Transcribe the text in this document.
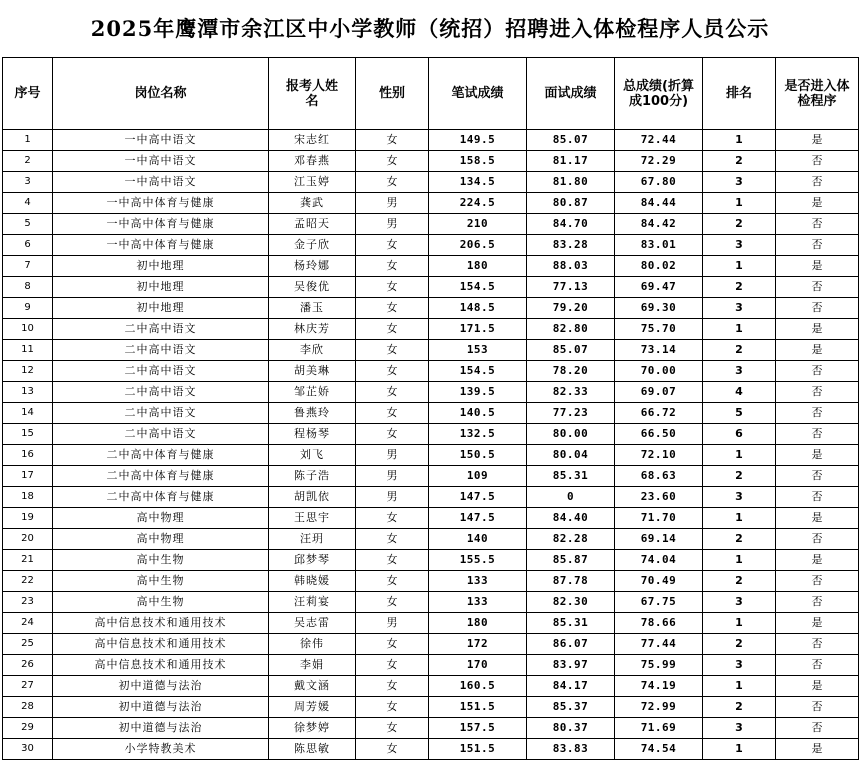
2025年鹰潭市余江区中小学教师（统招）招聘进入体检程序人员公示
序号	岗位名称	报考人姓名	性别	笔试成绩	面试成绩	总成绩(折算成100分)	排名	是否进入体检程序
1	一中高中语文	宋志红	女	149.5	85.07	72.44	1	是
2	一中高中语文	邓春燕	女	158.5	81.17	72.29	2	否
3	一中高中语文	江玉婷	女	134.5	81.80	67.80	3	否
4	一中高中体育与健康	龚武	男	224.5	80.87	84.44	1	是
5	一中高中体育与健康	孟昭天	男	210	84.70	84.42	2	否
6	一中高中体育与健康	金子欣	女	206.5	83.28	83.01	3	否
7	初中地理	杨玲娜	女	180	88.03	80.02	1	是
8	初中地理	吴俊优	女	154.5	77.13	69.47	2	否
9	初中地理	潘玉	女	148.5	79.20	69.30	3	否
10	二中高中语文	林庆芳	女	171.5	82.80	75.70	1	是
11	二中高中语文	李欣	女	153	85.07	73.14	2	是
12	二中高中语文	胡美琳	女	154.5	78.20	70.00	3	否
13	二中高中语文	邹芷娇	女	139.5	82.33	69.07	4	否
14	二中高中语文	鲁燕玲	女	140.5	77.23	66.72	5	否
15	二中高中语文	程杨琴	女	132.5	80.00	66.50	6	否
16	二中高中体育与健康	刘飞	男	150.5	80.04	72.10	1	是
17	二中高中体育与健康	陈子浩	男	109	85.31	68.63	2	否
18	二中高中体育与健康	胡凯依	男	147.5	0	23.60	3	否
19	高中物理	王思宇	女	147.5	84.40	71.70	1	是
20	高中物理	汪玥	女	140	82.28	69.14	2	否
21	高中生物	邱梦琴	女	155.5	85.87	74.04	1	是
22	高中生物	韩晓媛	女	133	87.78	70.49	2	否
23	高中生物	汪莉宴	女	133	82.30	67.75	3	否
24	高中信息技术和通用技术	吴志雷	男	180	85.31	78.66	1	是
25	高中信息技术和通用技术	徐伟	女	172	86.07	77.44	2	否
26	高中信息技术和通用技术	李娟	女	170	83.97	75.99	3	否
27	初中道德与法治	戴文涵	女	160.5	84.17	74.19	1	是
28	初中道德与法治	周芳媛	女	151.5	85.37	72.99	2	否
29	初中道德与法治	徐梦婷	女	157.5	80.37	71.69	3	否
30	小学特教美术	陈思敏	女	151.5	83.83	74.54	1	是
